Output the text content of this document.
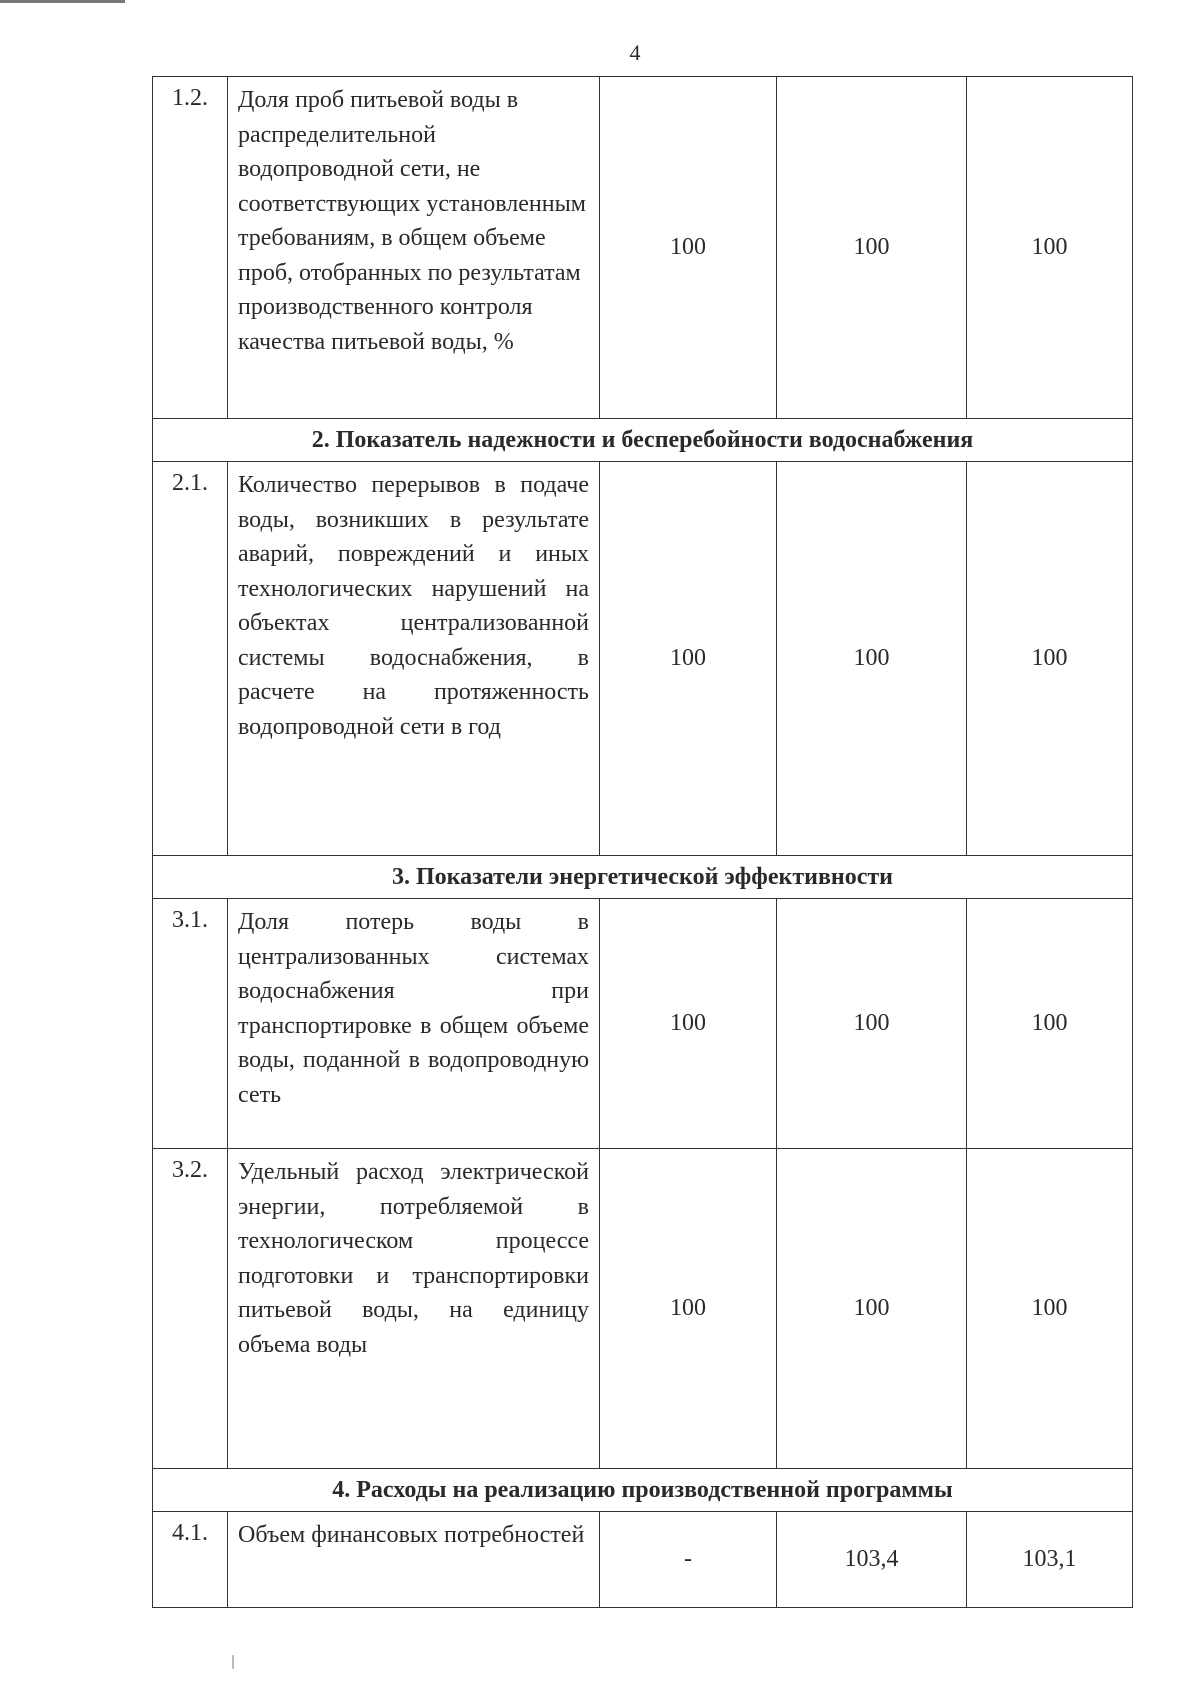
4
1.2.	Доля проб питьевой воды в распределительной водопроводной сети, не соответствующих установленным требованиям, в общем объеме проб, отобранных по результатам производственного контроля качества питьевой воды, %	100	100	100
2. Показатель надежности и бесперебойности водоснабжения				
2.1.	Количество перерывов в подаче воды, возникших в результате аварий, повреждений и иных технологических нарушений на объектах централизованной системы водоснабжения, в расчете на протяженность водопроводной сети в год	100	100	100
3. Показатели энергетической эффективности				
3.1.	Доля потерь воды в централизованных системах водоснабжения при транспортировке в общем объеме воды, поданной в водопроводную сеть	100	100	100
3.2.	Удельный расход электрической энергии, потребляемой в технологическом процессе подготовки и транспортировки питьевой воды, на единицу объема воды	100	100	100
4. Расходы на реализацию производственной программы				
4.1.	Объем финансовых потребностей	-	103,4	103,1
